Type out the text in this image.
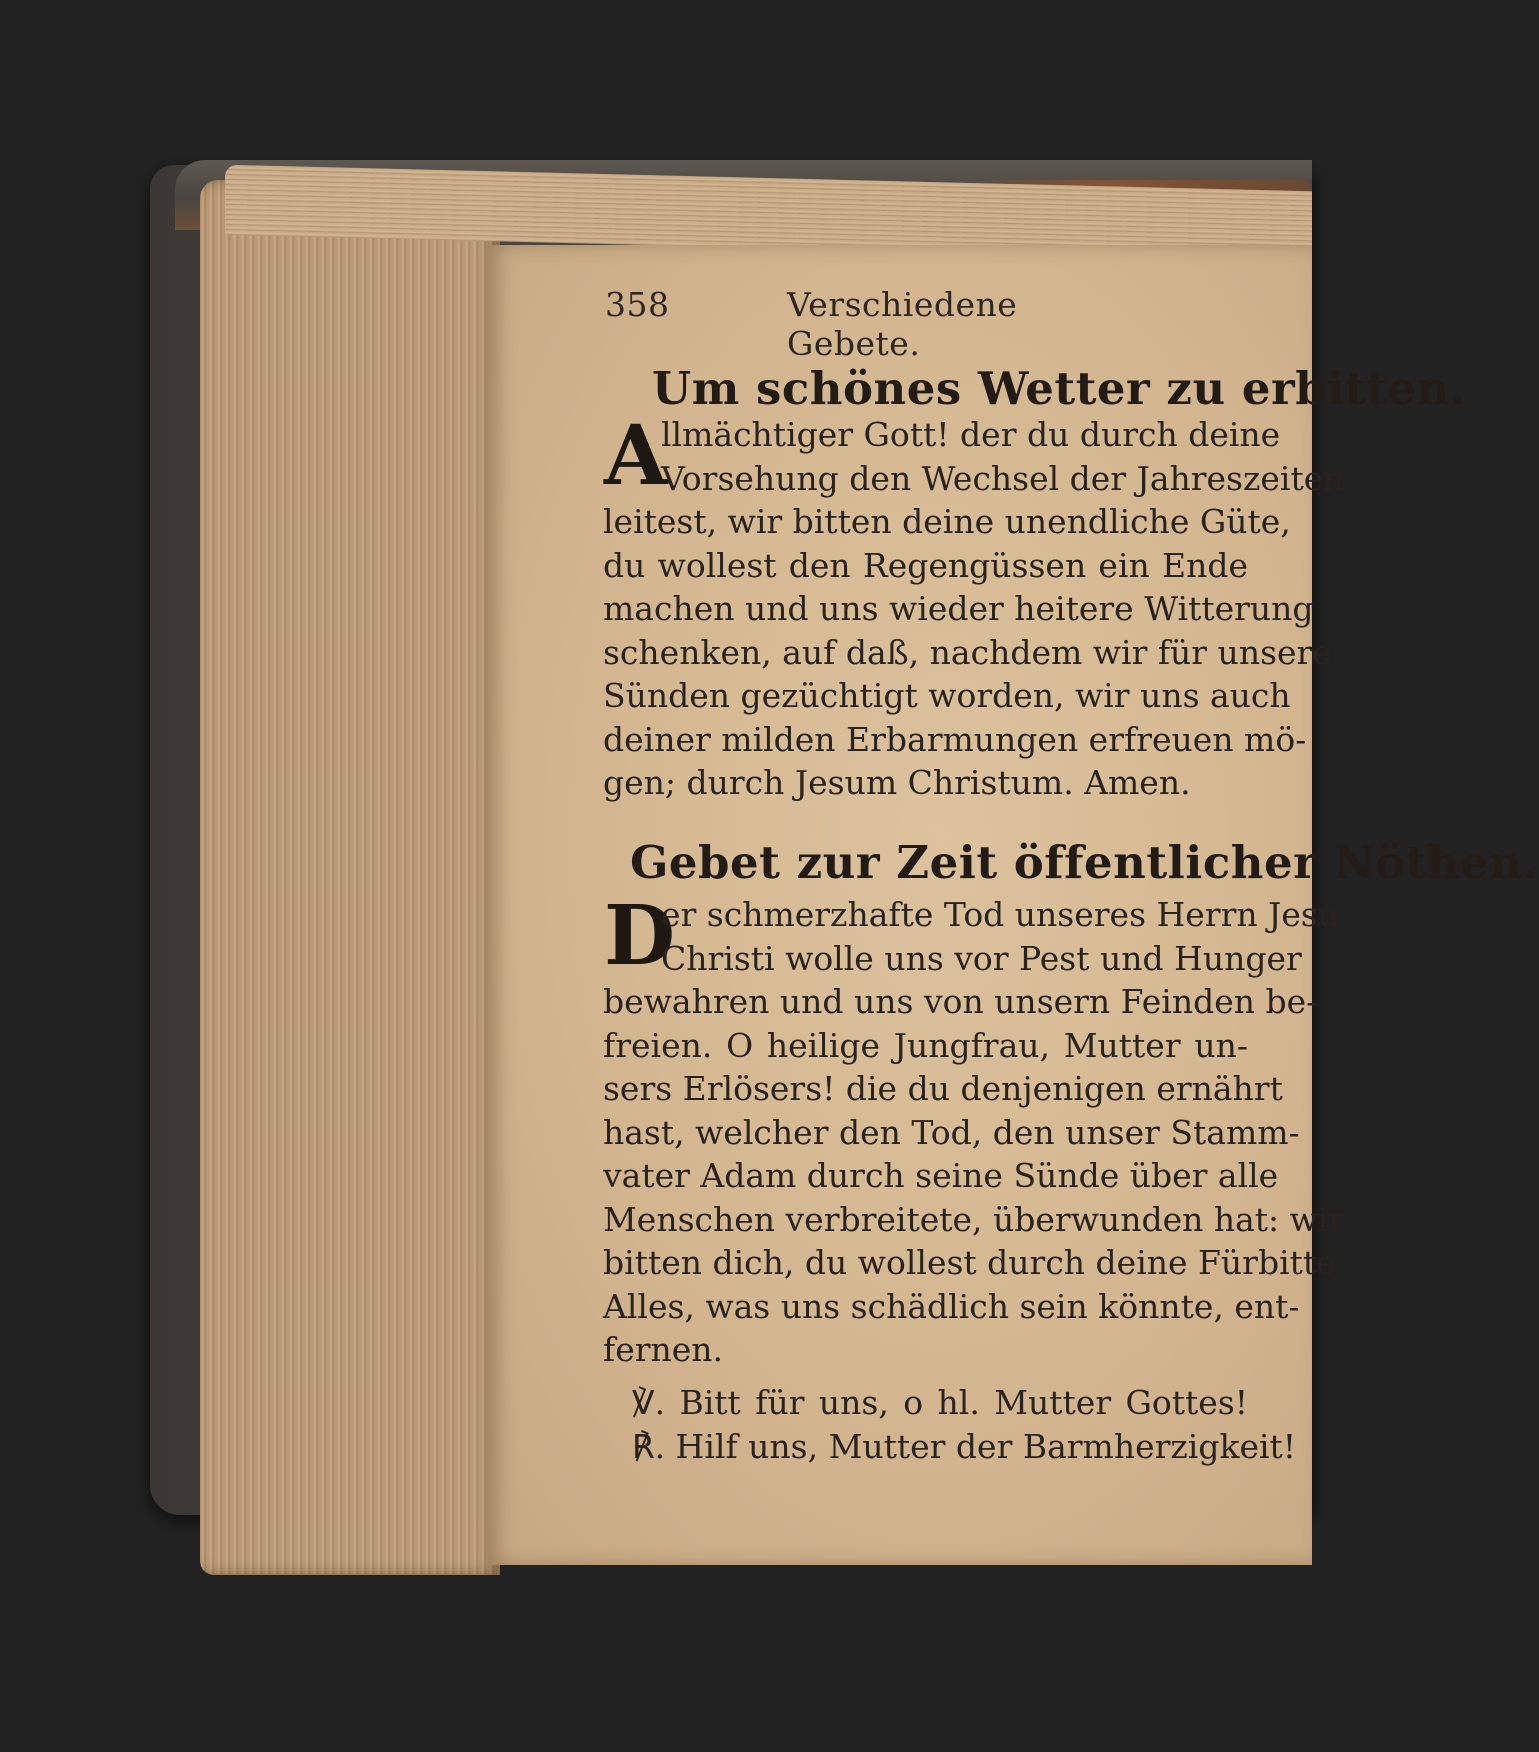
358	Verschiedene Gebete.
Um schönes Wetter zu erbitten.
A
llmächtiger Gott! der du durch deine
Vorsehung den Wechsel der Jahreszeiten
leitest, wir bitten deine unendliche Güte,
du wollest den Regengüssen ein Ende
machen und uns wieder heitere Witterung
schenken, auf daß, nachdem wir für unsere
Sünden gezüchtigt worden, wir uns auch
deiner milden Erbarmungen erfreuen mö-
gen; durch Jesum Christum. Amen.
Gebet zur Zeit öffentlicher Nöthen.
D
er schmerzhafte Tod unseres Herrn Jesu
Christi wolle uns vor Pest und Hunger
bewahren und uns von unsern Feinden be-
freien. O heilige Jungfrau, Mutter un-
sers Erlösers! die du denjenigen ernährt
hast, welcher den Tod, den unser Stamm-
vater Adam durch seine Sünde über alle
Menschen verbreitete, überwunden hat: wir
bitten dich, du wollest durch deine Fürbitte
Alles, was uns schädlich sein könnte, ent-
fernen.
℣. Bitt für uns, o hl. Mutter Gottes!
℟. Hilf uns, Mutter der Barmherzigkeit!
